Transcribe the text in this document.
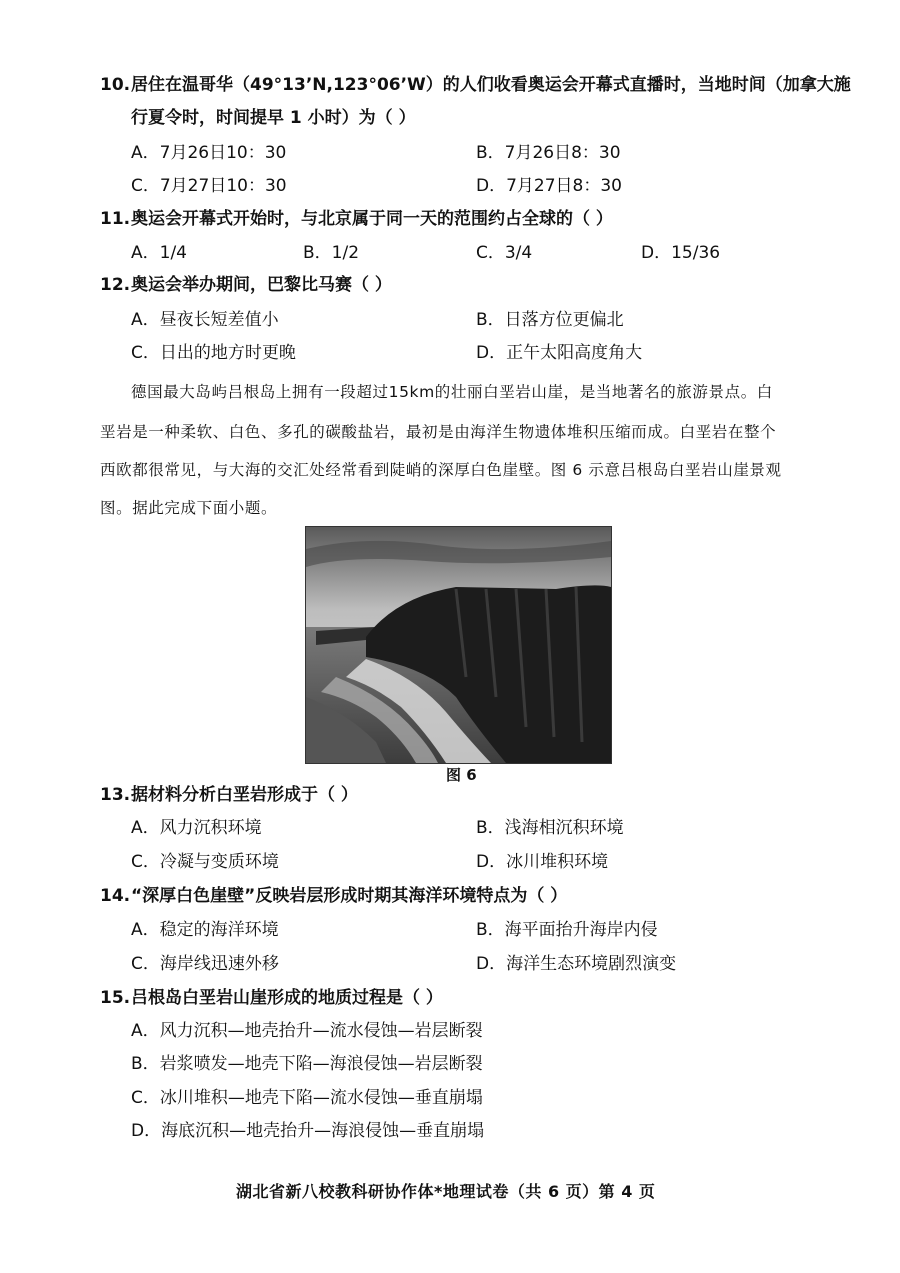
10. 居住在温哥华（49°13’N,123°06’W）的人们收看奥运会开幕式直播时，当地时间（加拿大施
行夏令时，时间提早 1 小时）为（ ）
A．7月26日10：30	B．7月26日8：30
C．7月27日10：30	D．7月27日8：30
11. 奥运会开幕式开始时，与北京属于同一天的范围约占全球的（ ）
A．1/4	B．1/2	C．3/4	D．15/36
12. 奥运会举办期间，巴黎比马赛（ ）
A．昼夜长短差值小	B．日落方位更偏北
C．日出的地方时更晚	D．正午太阳高度角大
德国最大岛屿吕根岛上拥有一段超过15km的壮丽白垩岩山崖，是当地著名的旅游景点。白
垩岩是一种柔软、白色、多孔的碳酸盐岩，最初是由海洋生物遗体堆积压缩而成。白垩岩在整个
西欧都很常见，与大海的交汇处经常看到陡峭的深厚白色崖壁。图 6 示意吕根岛白垩岩山崖景观
图。据此完成下面小题。
图 6
13. 据材料分析白垩岩形成于（ ）
A．风力沉积环境	B．浅海相沉积环境
C．冷凝与变质环境	D．冰川堆积环境
14. “深厚白色崖壁”反映岩层形成时期其海洋环境特点为（ ）
A．稳定的海洋环境	B．海平面抬升海岸内侵
C．海岸线迅速外移	D．海洋生态环境剧烈演变
15. 吕根岛白垩岩山崖形成的地质过程是（ ）
A．风力沉积—地壳抬升—流水侵蚀—岩层断裂
B．岩浆喷发—地壳下陷—海浪侵蚀—岩层断裂
C．冰川堆积—地壳下陷—流水侵蚀—垂直崩塌
D．海底沉积—地壳抬升—海浪侵蚀—垂直崩塌
湖北省新八校教科研协作体*地理试卷（共 6 页）第 4 页
